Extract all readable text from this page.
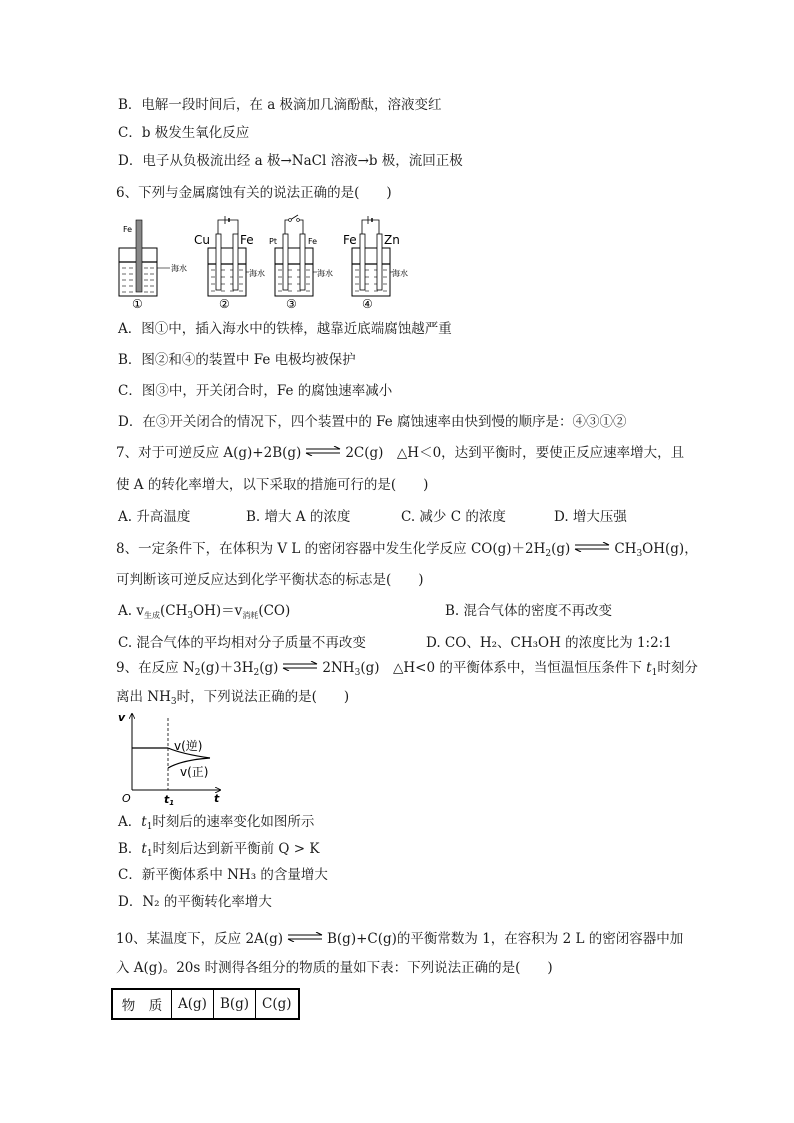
B．电解一段时间后，在 a 极滴加几滴酚酞，溶液变红
C．b 极发生氧化反应
D．电子从负极流出经 a 极→NaCl 溶液→b 极，流回正极
6、下列与金属腐蚀有关的说法正确的是(　　)
Fe
海水
①
Cu	Fe
海水
②
Pt	Fe
海水
③
Fe Zn
海水
④
A．图①中，插入海水中的铁棒，越靠近底端腐蚀越严重
B．图②和④的装置中 Fe 电极均被保护
C．图③中，开关闭合时，Fe 的腐蚀速率减小
D．在③开关闭合的情况下，四个装置中的 Fe 腐蚀速率由快到慢的顺序是：④③①②
7、对于可逆反应 A(g)+2B(g)	2C(g)　 △H＜0，达到平衡时，要使正反应速率增大，且
使 A 的转化率增大，以下采取的措施可行的是(　　)
A. 升高温度	B. 增大 A 的浓度	C. 减少 C 的浓度	D. 增大压强
8、一定条件下，在体积为 V L 的密闭容器中发生化学反应 $CO(g)+2H_2(g)$	$CH_3OH(g)$，
可判断该可逆反应达到化学平衡状态的标志是(　　)
A. $v_{生成}(CH_3OH)=v_{消耗}(CO)$	B. 混合气体的密度不再改变
C. 混合气体的平均相对分子质量不再改变	D. CO、H₂、CH₃OH 的浓度比为 1:2:1
9、在反应 $N_2(g)+3H_2(g)$	$2NH_3(g)$　 △H<0 的平衡体系中，当恒温恒压条件下 $t_1$时刻分
离出 $NH_3$时，下列说法正确的是(　　)
v
t
O	t1
v(逆)
v(正)
A．$t_1$时刻后的速率变化如图所示
B．$t_1$时刻后达到新平衡前 Q > K
C．新平衡体系中 NH₃ 的含量增大
D．N₂ 的平衡转化率增大
10、某温度下，反应 2A(g)	B(g)+C(g)的平衡常数为 1，在容积为 2 L 的密闭容器中加
入 A(g)。20s 时测得各组分的物质的量如下表：下列说法正确的是(　　)
物　质	A(g)	B(g)	C(g)
